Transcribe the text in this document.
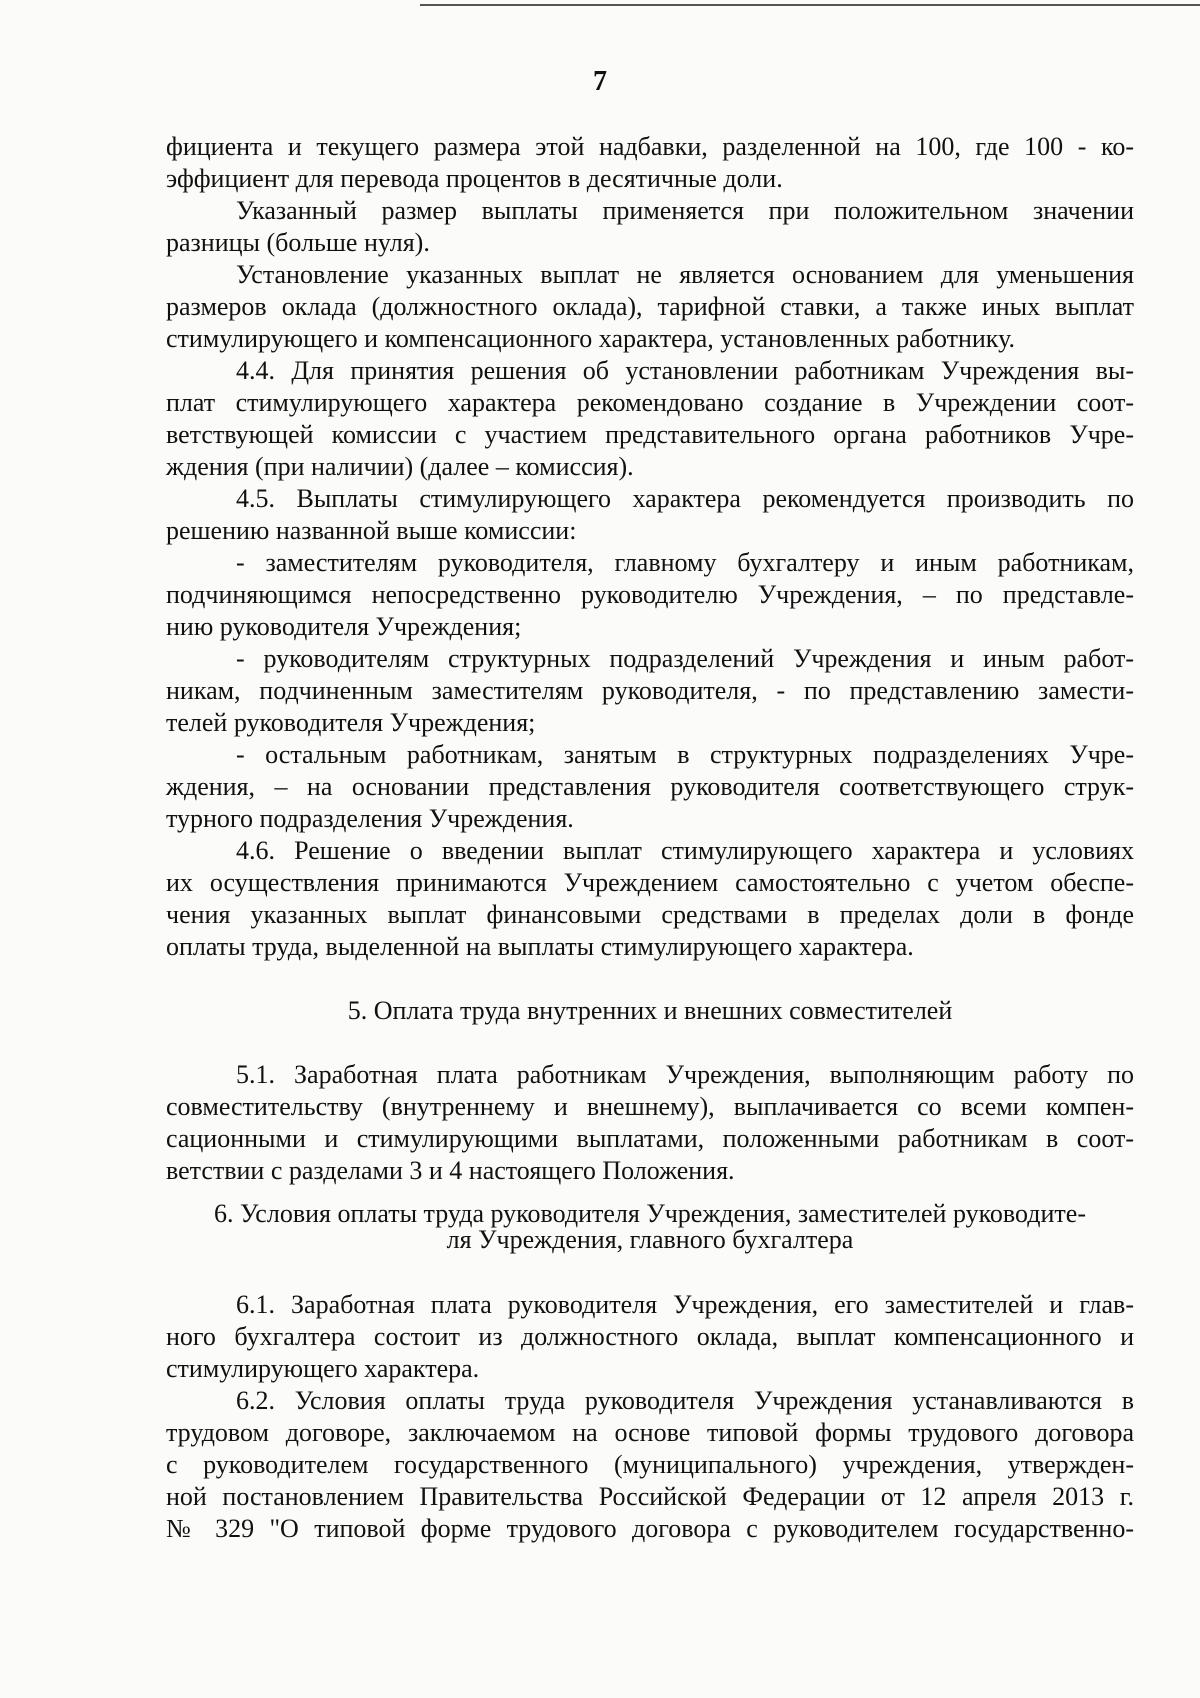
7

фициента и текущего размера этой надбавки, разделенной на 100, где 100 - ко-

эффициент для перевода процентов в десятичные доли.

Указанный размер выплаты применяется при положительном значении

разницы (больше нуля).

Установление указанных выплат не является основанием для уменьшения

размеров оклада (должностного оклада), тарифной ставки, а также иных выплат

стимулирующего и компенсационного характера, установленных работнику.

4.4. Для принятия решения об установлении работникам Учреждения вы-

плат стимулирующего характера рекомендовано создание в Учреждении соот-

ветствующей комиссии с участием представительного органа работников Учре-

ждения (при наличии) (далее – комиссия).

4.5. Выплаты стимулирующего характера рекомендуется производить по

решению названной выше комиссии:

- заместителям руководителя, главному бухгалтеру и иным работникам,

подчиняющимся непосредственно руководителю Учреждения, – по представле-

нию руководителя Учреждения;

- руководителям структурных подразделений Учреждения и иным работ-

никам, подчиненным заместителям руководителя, - по представлению замести-

телей руководителя Учреждения;

- остальным работникам, занятым в структурных подразделениях Учре-

ждения, – на основании представления руководителя соответствующего струк-

турного подразделения Учреждения.

4.6. Решение о введении выплат стимулирующего характера и условиях

их осуществления принимаются Учреждением самостоятельно с учетом обеспе-

чения указанных выплат финансовыми средствами в пределах доли в фонде

оплаты труда, выделенной на выплаты стимулирующего характера.

5. Оплата труда внутренних и внешних совместителей

5.1. Заработная плата работникам Учреждения, выполняющим работу по

совместительству (внутреннему и внешнему), выплачивается со всеми компен-

сационными и стимулирующими выплатами, положенными работникам в соот-

ветствии с разделами 3 и 4 настоящего Положения.

6. Условия оплаты труда руководителя Учреждения, заместителей руководите-

ля Учреждения, главного бухгалтера

6.1. Заработная плата руководителя Учреждения, его заместителей и глав-

ного бухгалтера состоит из должностного оклада, выплат компенсационного и

стимулирующего характера.

6.2. Условия оплаты труда руководителя Учреждения устанавливаются в

трудовом договоре, заключаемом на основе типовой формы трудового договора

с руководителем государственного (муниципального) учреждения, утвержден-

ной постановлением Правительства Российской Федерации от 12 апреля 2013 г.

№ 329 "О типовой форме трудового договора с руководителем государственно-
